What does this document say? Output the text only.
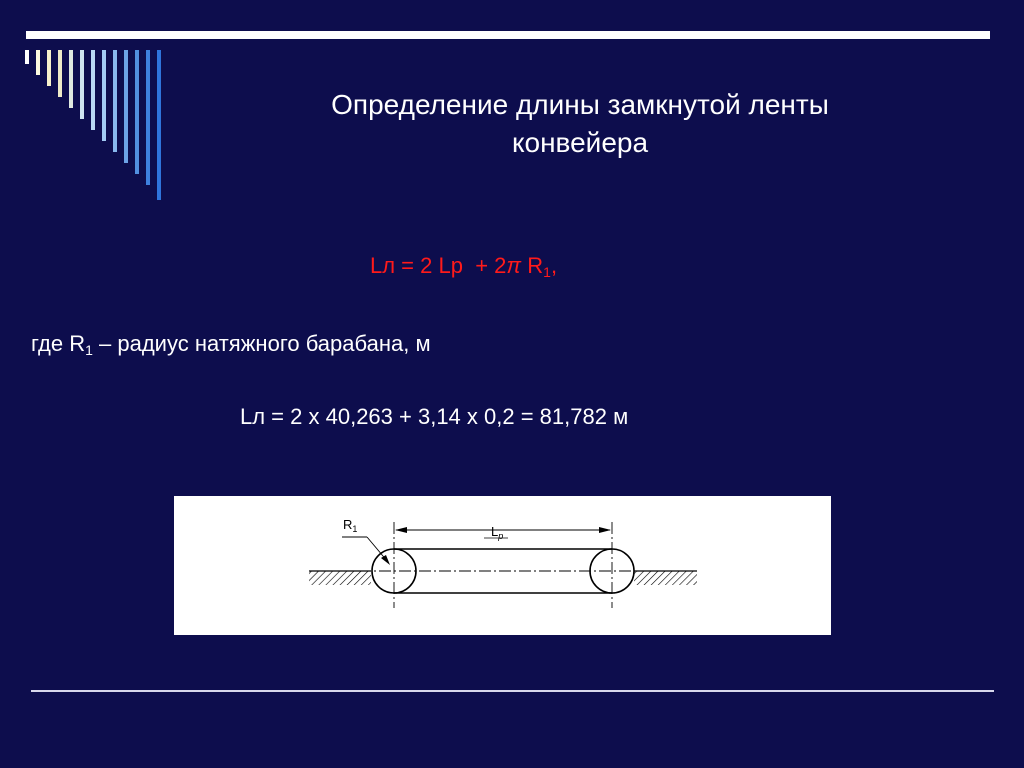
Определение длины замкнутой ленты
конвейера
Lл = 2 Lр  + 2π $R_1$,
где $R_1$ – радиус натяжного барабана, м
Lл = 2 х 40,263 + 3,14 х 0,2 = 81,782 м
$R_1$	$L_р$
